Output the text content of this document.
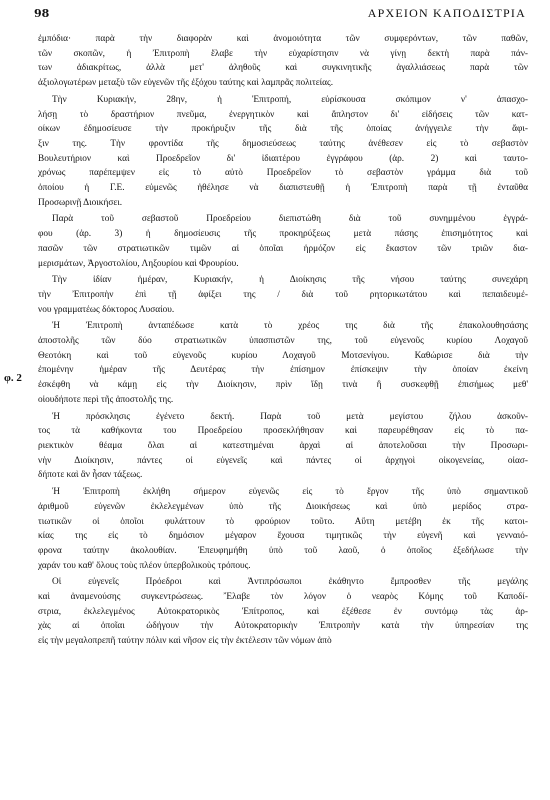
98	ΑΡΧΕΙΟΝ ΚΑΠΟΔΙΣΤΡΙΑ
φ. 2
ἐμπόδια· παρὰ τὴν διαφορὰν καὶ ἀνομοιότητα τῶν συμφερόντων, τῶν παθῶν,
τῶν σκοπῶν, ἡ Ἐπιτροπὴ ἔλαβε τὴν εὐχαρίστησιν νὰ γίνῃ δεκτὴ παρὰ πάν-
των ἀδιακρίτως, ἀλλὰ μετ' ἀληθοῦς καὶ συγκινητικῆς ἀγαλλιάσεως παρὰ τῶν
ἀξιολογωτέρων μεταξὺ τῶν εὐγενῶν τῆς ἐξόχου ταύτης καὶ λαμπρᾶς πολιτείας.
Τὴν Κυριακήν, 28ην, ἡ Ἐπιτροπή, εὑρίσκουσα σκόπιμον ν' ἀπασχο-
λήσῃ τὸ δραστήριον πνεῦμα, ἐνεργητικὸν καὶ ἄπληστον δι' εἰδήσεις τῶν κατ-
οίκων ἐδημοσίευσε τὴν προκήρυξιν τῆς διὰ τῆς ὁποίας ἀνήγγειλε τὴν ἄφι-
ξιν της. Τὴν φροντίδα τῆς δημοσιεύσεως ταύτης ἀνέθεσεν εἰς τὸ σεβαστὸν
Βουλευτήριον καὶ Προεδρεῖον δι' ἰδιαιτέρου ἐγγράφου (ἀρ. 2) καὶ ταυτο-
χρόνως παρέπεμψεν εἰς τὸ αὐτὸ Προεδρεῖον τὸ σεβαστὸν γράμμα διὰ τοῦ
ὁποίου ἡ Γ.Ε. εὐμενῶς ἠθέλησε νὰ διαπιστευθῇ ἡ Ἐπιτροπὴ παρὰ τῇ ἐνταῦθα
Προσωρινῇ Διοικήσει.
Παρὰ τοῦ σεβαστοῦ Προεδρείου διεπιστώθη διὰ τοῦ συνημμένου ἐγγρά-
φου (ἀρ. 3) ἡ δημοσίευσις τῆς προκηρύξεως μετὰ πάσης ἐπισημότητος καὶ
πασῶν τῶν στρατιωτικῶν τιμῶν αἱ ὁποῖαι ἡρμόζον εἰς ἕκαστον τῶν τριῶν δια-
μερισμάτων, Ἀργοστολίου, Ληξουρίου καὶ Φρουρίου.
Τὴν ἰδίαν ἡμέραν, Κυριακήν, ἡ Διοίκησις τῆς νήσου ταύτης συνεχάρη
τὴν Ἐπιτροπὴν ἐπὶ τῇ ἀφίξει της / διὰ τοῦ ρητορικωτάτου καὶ πεπαιδευμέ-
νου γραμματέως δόκτορος Λυσαίου.
Ἡ Ἐπιτροπὴ ἀνταπέδωσε κατὰ τὸ χρέος της διὰ τῆς ἐπακολουθησάσης
ἀποστολῆς τῶν δύο στρατιωτικῶν ὑπασπιστῶν της, τοῦ εὐγενοῦς κυρίου Λοχαγοῦ
Θεοτόκη καὶ τοῦ εὐγενοῦς κυρίου Λοχαγοῦ Μοτσενίγου. Καθώρισε διὰ τὴν
ἐπομένην ἡμέραν τῆς Δευτέρας τὴν ἐπίσημον ἐπίσκεψιν τὴν ὁποίαν ἐκείνη
ἐσκέφθη νὰ κάμῃ εἰς τὴν Διοίκησιν, πρὶν ἴδῃ τινὰ ἢ συσκεφθῇ ἐπισήμως μεθ'
οἱουδήποτε περὶ τῆς ἀποστολῆς της.
Ἡ πρόσκλησις ἐγένετο δεκτή. Παρὰ τοῦ μετὰ μεγίστου ζήλου ἀσκοῦν-
τος τὰ καθήκοντα του Προεδρείου προσεκλήθησαν καὶ παρευρέθησαν εἰς τὸ πα-
ριεκτικὸν θέαμα ὅλαι αἱ κατεστημέναι ἀρχαὶ αἱ ἀποτελοῦσαι τὴν Προσωρι-
νὴν Διοίκησιν, πάντες οἱ εὐγενεῖς καὶ πάντες οἱ ἀρχηγοὶ οἰκογενείας, οἱασ-
δήποτε καὶ ἂν ἦσαν τάξεως.
Ἡ Ἐπιτροπὴ ἐκλήθη σήμερον εὐγενῶς εἰς τὸ ἔργον τῆς ὑπὸ σημαντικοῦ
ἀριθμοῦ εὐγενῶν ἐκλελεγμένων ὑπὸ τῆς Διοικήσεως καὶ ὑπὸ μερίδος στρα-
τιωτικῶν οἱ ὁποῖοι φυλάττουν τὸ φρούριον τοῦτο. Αὕτη μετέβη ἐκ τῆς κατοι-
κίας της εἰς τὸ δημόσιον μέγαρον ἔχουσα τιμητικῶς τὴν εὐγενῆ καὶ γενναιό-
φρονα ταύτην ἀκολουθίαν. Ἐπευφημήθη ὑπὸ τοῦ λαοῦ, ὁ ὁποῖος ἐξεδήλωσε τὴν
χαράν του καθ' ὅλους τοὺς πλέον ὑπερβολικοὺς τρόπους.
Οἱ εὐγενεῖς Πρόεδροι καὶ Ἀντιπρόσωποι ἐκάθηντο ἔμπροσθεν τῆς μεγάλης
καὶ ἀναμενούσης συγκεντρώσεως. Ἔλαβε τὸν λόγον ὁ νεαρὸς Κόμης τοῦ Καποδί-
στρια, ἐκλελεγμένος Αὐτοκρατορικὸς Ἐπίτροπος, καὶ ἐξέθεσε ἐν συντόμῳ τὰς ἀρ-
χὰς αἱ ὁποῖαι ὡδήγουν τὴν Αὐτοκρατορικὴν Ἐπιτροπὴν κατὰ τὴν ὑπηρεσίαν της
εἰς τὴν μεγαλοπρεπῆ ταύτην πόλιν καὶ νῆσον εἰς τὴν ἐκτέλεσιν τῶν νόμων ἀπὸ
